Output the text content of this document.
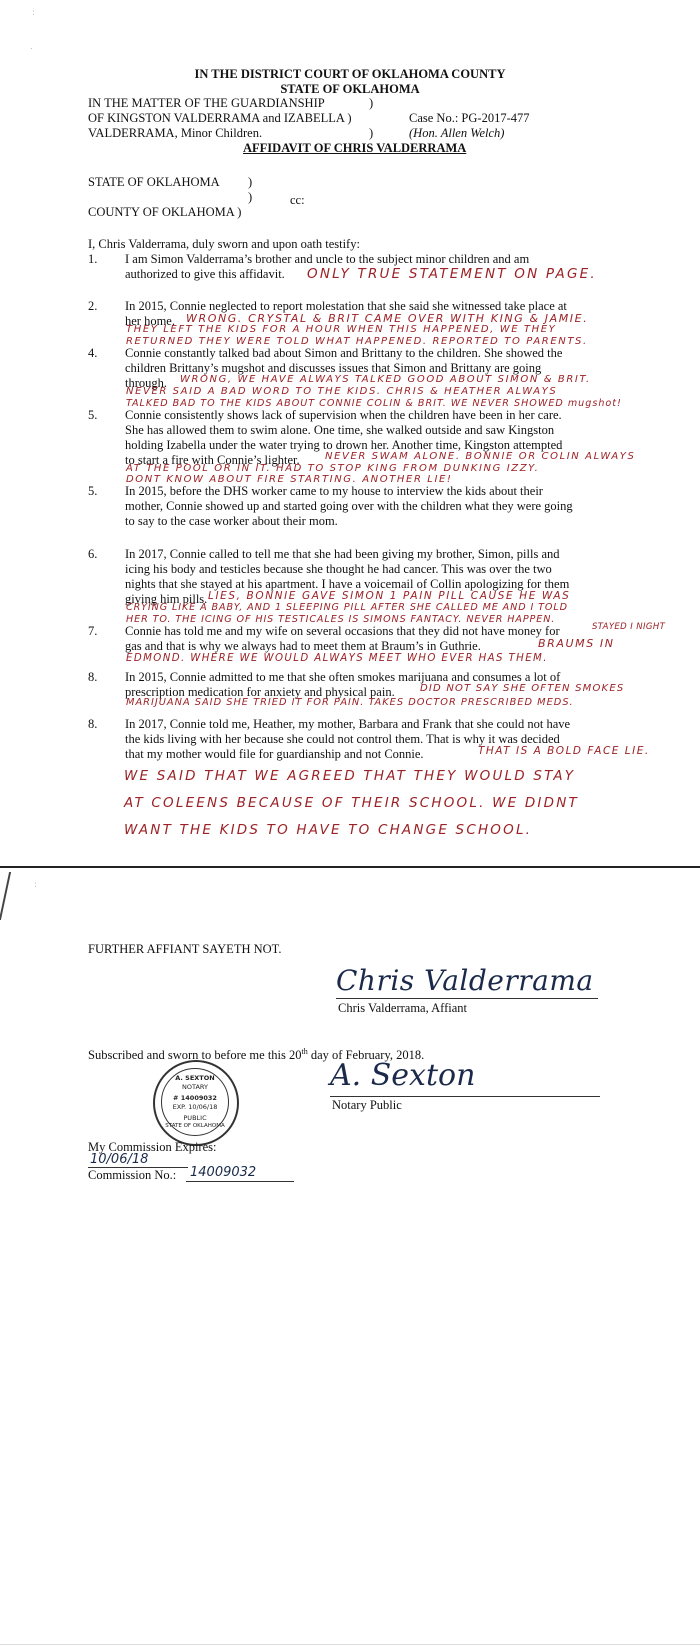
:
.
IN THE DISTRICT COURT OF OKLAHOMA COUNTY
STATE OF OKLAHOMA
IN THE MATTER OF THE GUARDIANSHIP	)
OF KINGSTON VALDERRAMA and IZABELLA )	Case No.: PG-2017-477
VALDERRAMA, Minor Children.	)	(Hon. Allen Welch)
AFFIDAVIT OF CHRIS VALDERRAMA
STATE OF OKLAHOMA )
)	cc:
COUNTY OF OKLAHOMA )
I, Chris Valderrama, duly sworn and upon oath testify:
1. I am Simon Valderrama’s brother and uncle to the subject minor children and am
authorized to give this affidavit. ONLY TRUE STATEMENT ON PAGE.
2. In 2015, Connie neglected to report molestation that she said she witnessed take place at
her home. WRONG. CRYSTAL & BRIT CAME OVER WITH KING & JAMIE.
THEY LEFT THE KIDS FOR A HOUR WHEN THIS HAPPENED, WE THEY
RETURNED THEY WERE TOLD WHAT HAPPENED. REPORTED TO PARENTS.
4. Connie constantly talked bad about Simon and Brittany to the children. She showed the
children Brittany’s mugshot and discusses issues that Simon and Brittany are going
through. WRONG, WE HAVE ALWAYS TALKED GOOD ABOUT SIMON & BRIT.
NEVER SAID A BAD WORD TO THE KIDS. CHRIS & HEATHER ALWAYS
TALKED BAD TO THE KIDS ABOUT CONNIE COLIN & BRIT. WE NEVER SHOWED mugshot!
5. Connie consistently shows lack of supervision when the children have been in her care.
She has allowed them to swim alone. One time, she walked outside and saw Kingston
holding Izabella under the water trying to drown her. Another time, Kingston attempted
to start a fire with Connie’s lighter.	NEVER SWAM ALONE. BONNIE OR COLIN ALWAYS
AT THE POOL OR IN IT. HAD TO STOP KING FROM DUNKING IZZY.
DONT KNOW ABOUT FIRE STARTING. ANOTHER LIE!
5. In 2015, before the DHS worker came to my house to interview the kids about their
mother, Connie showed up and started going over with the children what they were going
to say to the case worker about their mom.
6. In 2017, Connie called to tell me that she had been giving my brother, Simon, pills and
icing his body and testicles because she thought he had cancer. This was over the two
nights that she stayed at his apartment. I have a voicemail of Collin apologizing for them
giving him pills. LIES, BONNIE GAVE SIMON 1 PAIN PILL CAUSE HE WAS
CRYING LIKE A BABY, AND 1 SLEEPING PILL AFTER SHE CALLED ME AND I TOLD
HER TO. THE ICING OF HIS TESTICALES IS SIMONS FANTACY. NEVER HAPPEN.
7. Connie has told me and my wife on several occasions that they did not have money for	STAYED I NIGHT
gas and that is why we always had to meet them at Braum’s in Guthrie.	BRAUMS IN
EDMOND. WHERE WE WOULD ALWAYS MEET WHO EVER HAS THEM.
8. In 2015, Connie admitted to me that she often smokes marijuana and consumes a lot of
prescription medication for anxiety and physical pain.	DID NOT SAY SHE OFTEN SMOKES
MARIJUANA SAID SHE TRIED IT FOR PAIN. TAKES DOCTOR PRESCRIBED MEDS.
8. In 2017, Connie told me, Heather, my mother, Barbara and Frank that she could not have
the kids living with her because she could not control them. That is why it was decided
that my mother would file for guardianship and not Connie.	THAT IS A BOLD FACE LIE.
WE SAID THAT WE AGREED THAT THEY WOULD STAY
AT COLEENS BECAUSE OF THEIR SCHOOL. WE DIDNT
WANT THE KIDS TO HAVE TO CHANGE SCHOOL.
:
FURTHER AFFIANT SAYETH NOT.
Chris Valderrama
Chris Valderrama, Affiant
Subscribed and sworn to before me this 20th day of February, 2018.
A. SEXTON
NOTARY
# 14009032
EXP. 10/06/18
PUBLIC
STATE OF OKLAHOMA
A. Sexton
Notary Public
My Commission Expires:
10/06/18
Commission No.: 14009032
